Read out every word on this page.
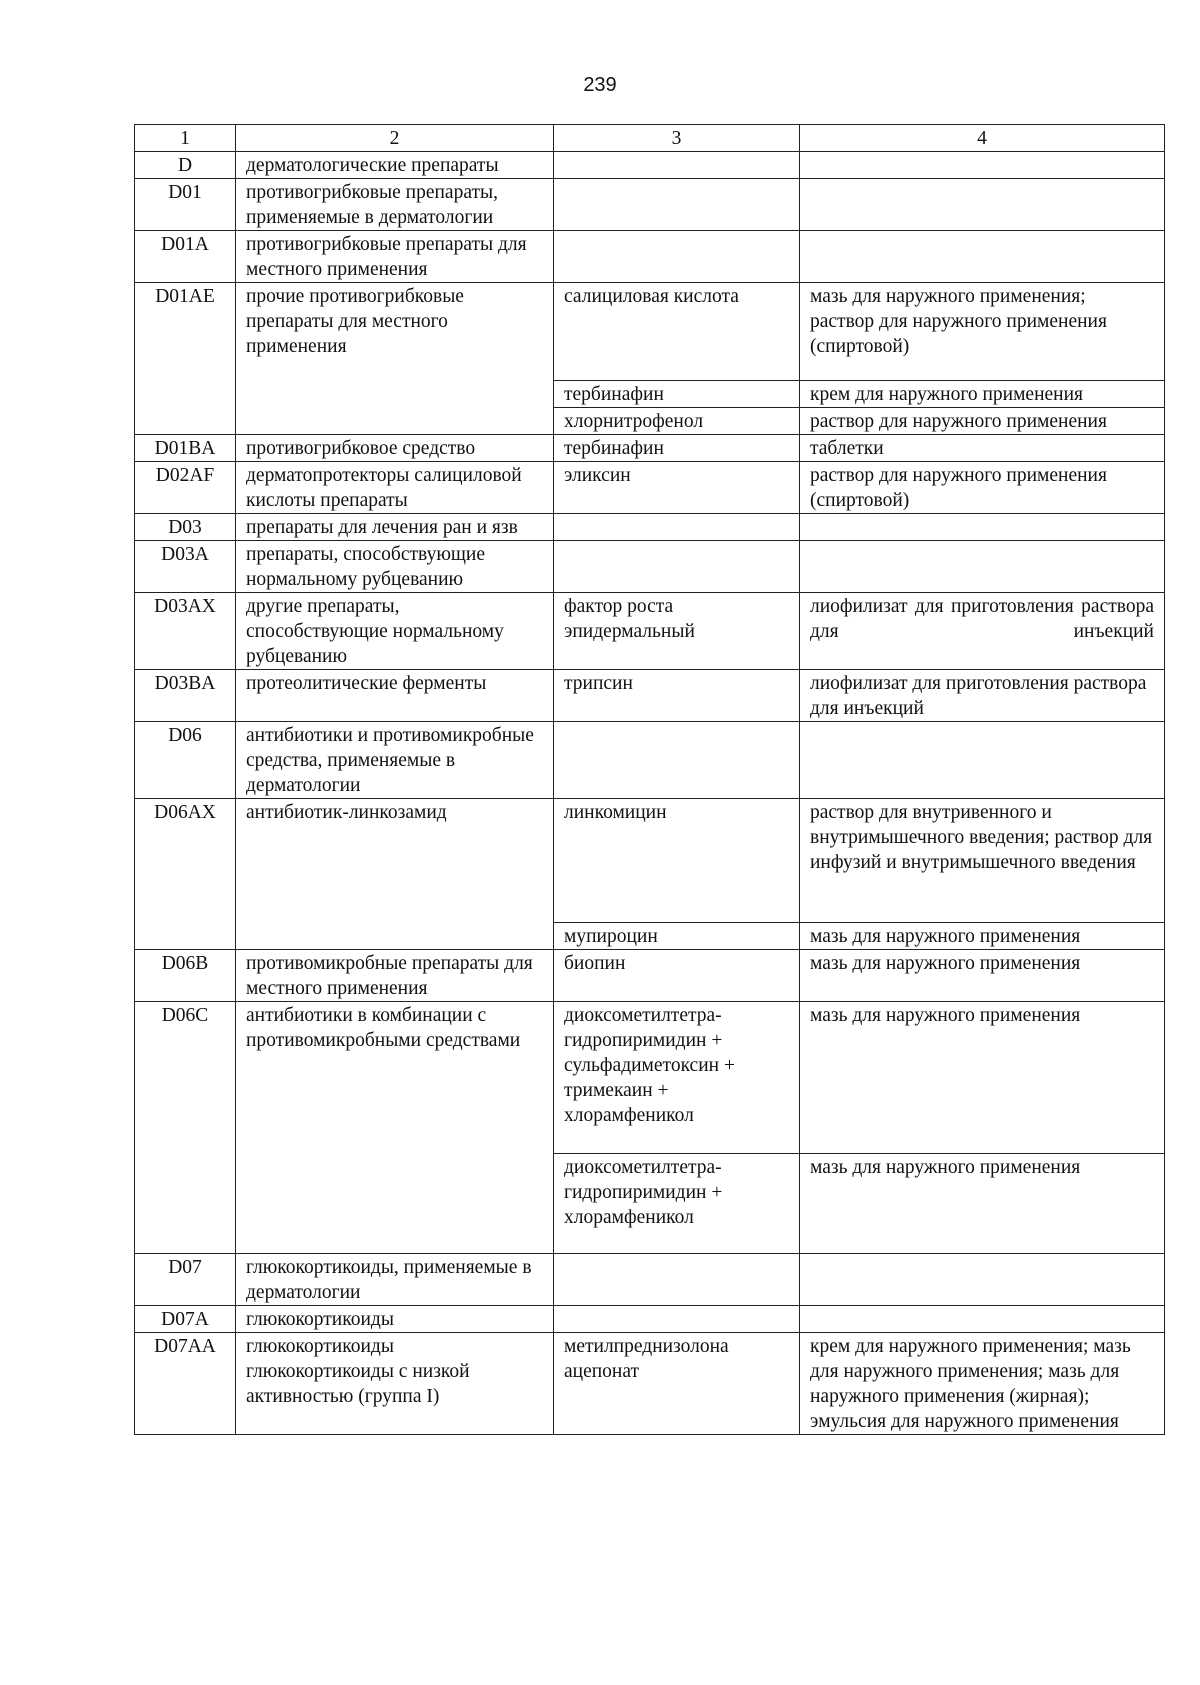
239
1	2	3	4
D	дерматологические препараты		
D01	противогрибковые препараты, применяемые в дерматологии		
D01A	противогрибковые препараты для местного применения		
D01AE	прочие противогрибковые препараты для местного применения	салициловая кислота	мазь для наружного применения; раствор для наружного применения (спиртовой)
		тербинафин	крем для наружного применения
		хлорнитрофенол	раствор для наружного применения
D01BA	противогрибковое средство	тербинафин	таблетки
D02AF	дерматопротекторы салициловой кислоты препараты	эликсин	раствор для наружного применения (спиртовой)
D03	препараты для лечения ран и язв		
D03A	препараты, способствующие нормальному рубцеванию		
D03AX	другие препараты, способствующие нормальному рубцеванию	фактор роста эпидермальный	лиофилизат для приготовления раствора для инъекций
D03BA	протеолитические ферменты	трипсин	лиофилизат для приготовления раствора для инъекций
D06	антибиотики и противомикробные средства, применяемые в дерматологии		
D06AX	антибиотик-линкозамид	линкомицин	раствор для внутривенного и внутримышечного введения; раствор для инфузий и внутримышечного введения
		мупироцин	мазь для наружного применения
D06B	противомикробные препараты для местного применения	биопин	мазь для наружного применения
D06C	антибиотики в комбинации с противомикробными средствами	диоксометилтетра-гидропиримидин + сульфадиметоксин + тримекаин + хлорамфеникол	мазь для наружного применения
		диоксометилтетра-гидропиримидин + хлорамфеникол	мазь для наружного применения
D07	глюкокортикоиды, применяемые в дерматологии		
D07A	глюкокортикоиды		
D07AA	глюкокортикоиды глюкокортикоиды с низкой активностью (группа I)	метилпреднизолона ацепонат	крем для наружного применения; мазь для наружного применения; мазь для наружного применения (жирная); эмульсия для наружного применения
